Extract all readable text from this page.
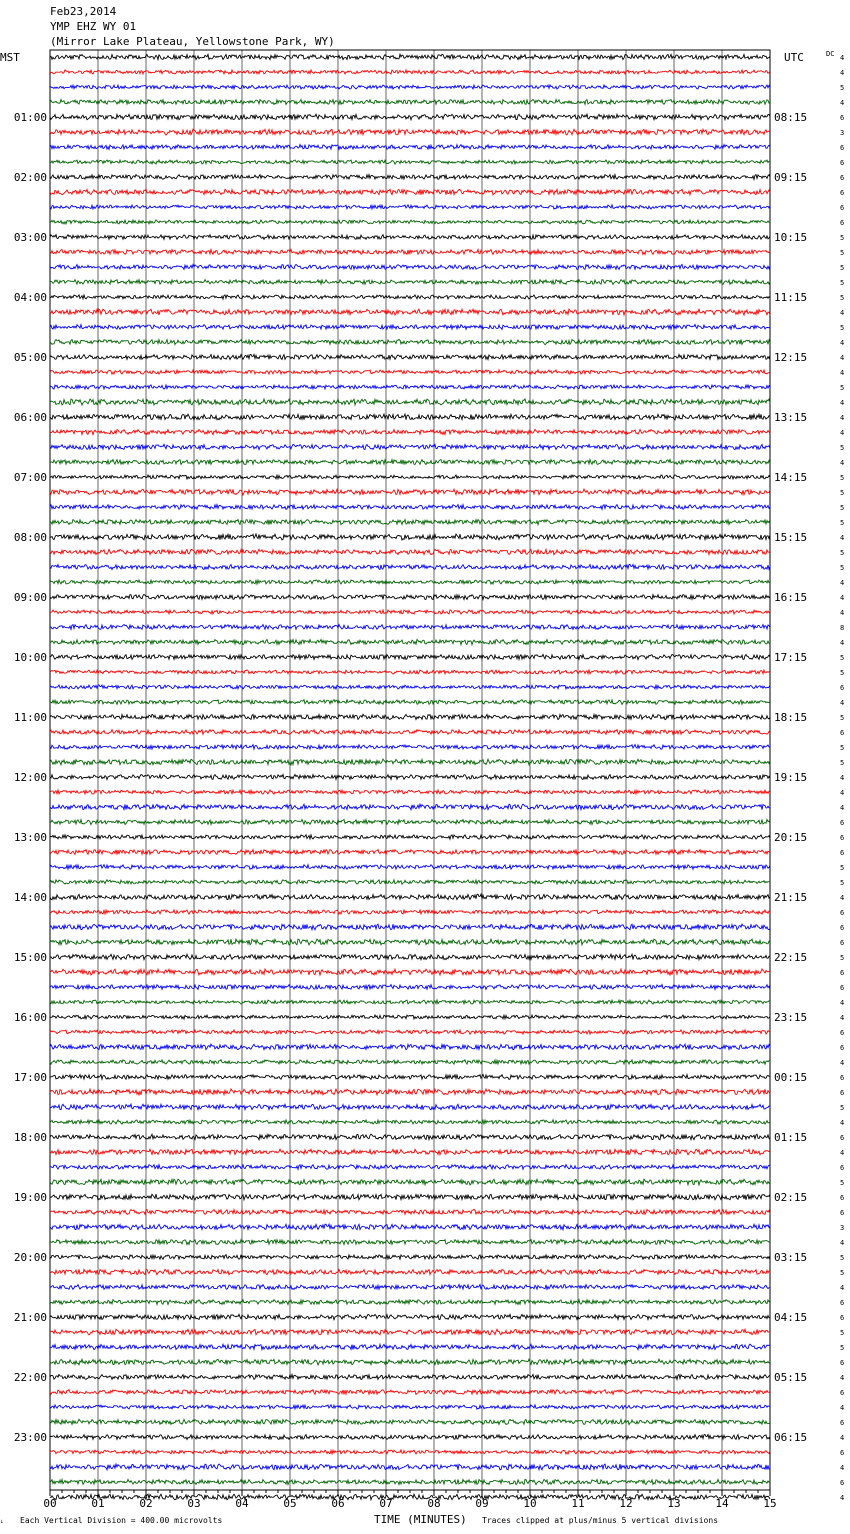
Feb23,2014
YMP EHZ WY 01
(Mirror Lake Plateau, Yellowstone Park, WY)
MST	UTC	DC
01:00
02:00
03:00
04:00
05:00
06:00
07:00
08:00
09:00
10:00
11:00
12:00
13:00
14:00
15:00
16:00
17:00
18:00
19:00
20:00
21:00
22:00
23:00
08:15
09:15
10:15
11:15
12:15
13:15
14:15
15:15
16:15
17:15
18:15
19:15
20:15
21:15
22:15
23:15
00:15
01:15
02:15
03:15
04:15
05:15
06:15
4
4
5
4
6
3
6
6
6
6
6
6
5
5
5
5
5
4
5
4
4
4
5
4
4
4
5
4
5
5
5
5
4
5
5
4
4
4
8
4
5
5
6
4
5
6
5
5
4
4
4
6
6
6
5
5
4
6
6
6
5
6
6
4
4
6
6
4
6
6
5
4
6
4
6
5
6
6
3
4
5
5
4
6
6
5
5
6
4
6
4
6
4
6
4
6
4
00	01	02	03	04	05	06	07	08	09	10	11	12	13	14	15
↓ Each Vertical Division = 400.00 microvolts	TIME (MINUTES) Traces clipped at plus/minus 5 vertical divisions
